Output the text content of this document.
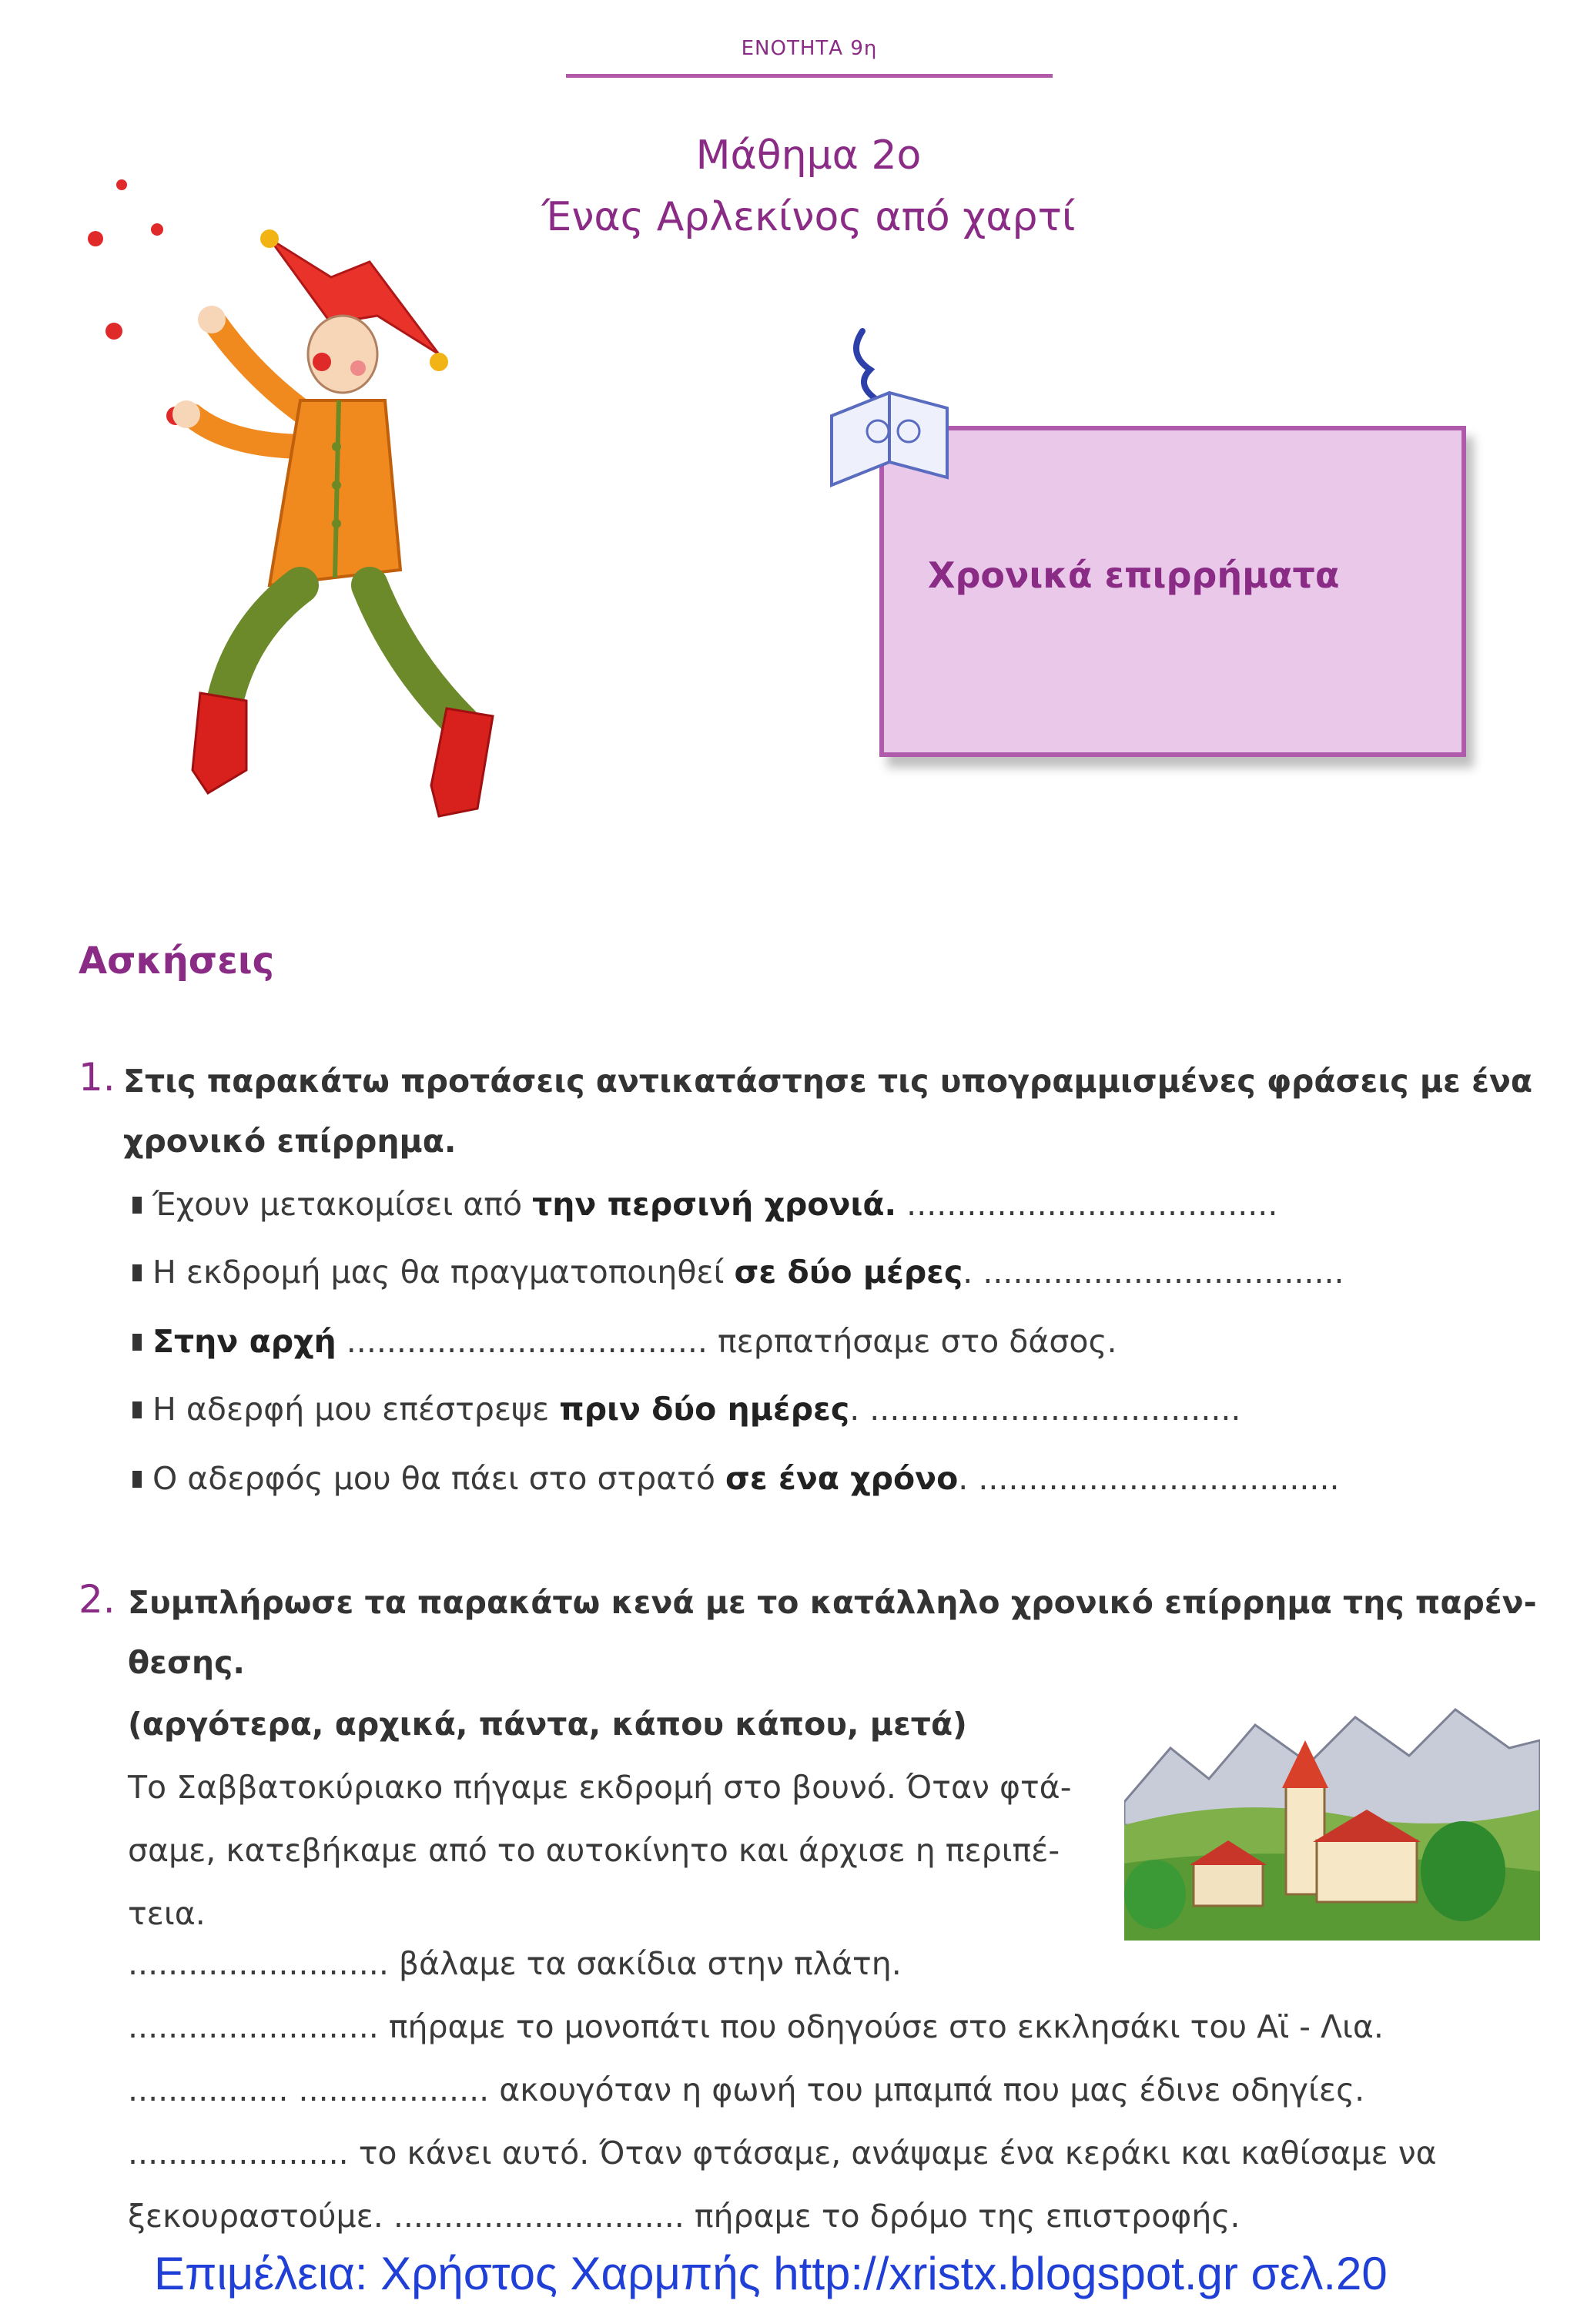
ΕΝΟΤΗΤΑ 9η
Μάθημα 2ο
Ένας Αρλεκίνος από χαρτί
Χρονικά επιρρήματα
Ασκήσεις
1. Στις παρακάτω προτάσεις αντικατάστησε τις υπογραμμισμένες φράσεις με ένα
χρονικό επίρρημα.
Έχουν μετακομίσει από την περσινή χρονιά. .....................................
Η εκδρομή μας θα πραγματοποιηθεί σε δύο μέρες. ....................................
Στην αρχή .................................... περπατήσαμε στο δάσος.
Η αδερφή μου επέστρεψε πριν δύο ημέρες. .....................................
Ο αδερφός μου θα πάει στο στρατό σε ένα χρόνο. ....................................
2. Συμπλήρωσε τα παρακάτω κενά με το κατάλληλο χρονικό επίρρημα της παρέν-
θεσης.
(αργότερα, αρχικά, πάντα, κάπου κάπου, μετά)
Το Σαββατοκύριακο πήγαμε εκδρομή στο βουνό. Όταν φτά-
σαμε, κατεβήκαμε από το αυτοκίνητο και άρχισε η περιπέ-
τεια.
.......................... βάλαμε τα σακίδια στην πλάτη.
......................... πήραμε το μονοπάτι που οδηγούσε στο εκκλησάκι του Αϊ - Λια.
................ ................... ακουγόταν η φωνή του μπαμπά που μας έδινε οδηγίες.
...................... το κάνει αυτό. Όταν φτάσαμε, ανάψαμε ένα κεράκι και καθίσαμε να
ξεκουραστούμε. ............................. πήραμε το δρόμο της επιστροφής.
Επιμέλεια: Χρήστος Χαρμπής http://xristx.blogspot.gr σελ.20
